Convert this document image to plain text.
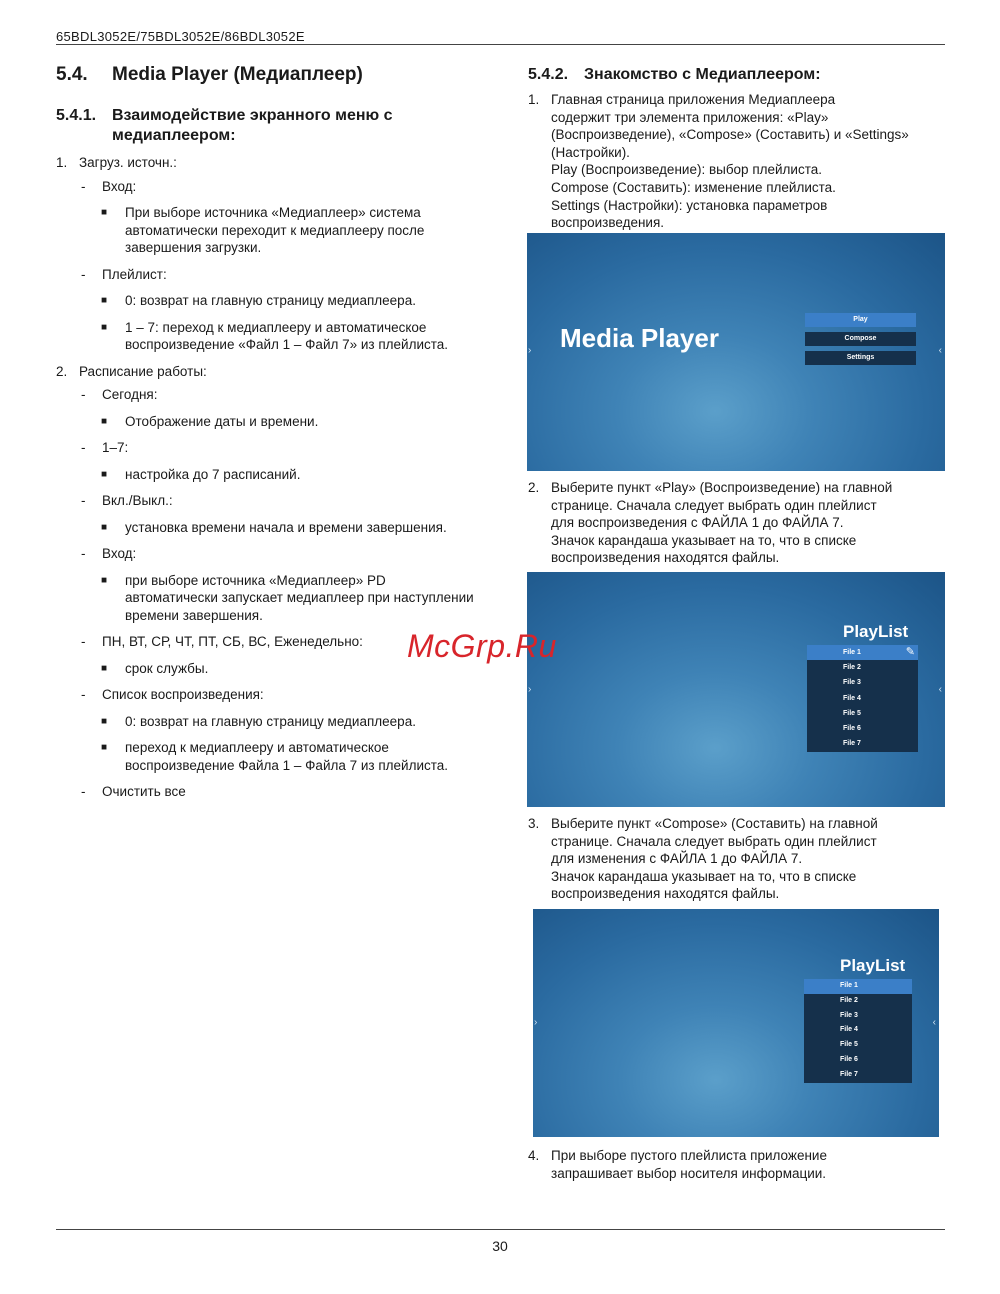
65BDL3052E/75BDL3052E/86BDL3052E
5.4.	Media Player (Медиаплеер)
5.4.1. Взаимодействие экранного меню с
медиаплеером:
1. Загруз. источн.:
-	Вход:
■	При выборе источника «Медиаплеер» система автоматически переходит к медиаплееру после завершения загрузки.
-	Плейлист:
■	0: возврат на главную страницу медиаплеера.
■	1 – 7: переход к медиаплееру и автоматическое воспроизведение «Файл 1 – Файл 7» из плейлиста.
2. Расписание работы:
-	Сегодня:
■	Отображение даты и времени.
-	1–7:
■	настройка до 7 расписаний.
-	Вкл./Выкл.:
■	установка времени начала и времени завершения.
-	Вход:
■	при выборе источника «Медиаплеер» PD автоматически запускает медиаплеер при наступлении времени завершения.
-	ПН, ВТ, СР, ЧТ, ПТ, СБ, ВС, Еженедельно:
■	срок службы.
-	Список воспроизведения:
■	0: возврат на главную страницу медиаплеера.
■	переход к медиаплееру и автоматическое воспроизведение Файла 1 – Файла 7 из плейлиста.
-	Очистить все
5.4.2. Знакомство с Медиаплеером:
1. Главная страница приложения Медиаплеера
содержит три элемента приложения: «Play»
(Воспроизведение), «Compose» (Составить) и «Settings»
(Настройки).
Play (Воспроизведение): выбор плейлиста.
Compose (Составить): изменение плейлиста.
Settings (Настройки): установка параметров
воспроизведения.
›	‹
Media Player
Play
Compose
Settings
2. Выберите пункт «Play» (Воспроизведение) на главной
странице. Сначала следует выбрать один плейлист
для воспроизведения с ФАЙЛА 1 до ФАЙЛА 7.
Значок карандаша указывает на то, что в списке
воспроизведения находятся файлы.
›	‹
PlayList
File 1	✎
File 2
File 3
File 4
File 5
File 6
File 7
3. Выберите пункт «Compose» (Составить) на главной
странице. Сначала следует выбрать один плейлист
для изменения с ФАЙЛА 1 до ФАЙЛА 7.
Значок карандаша указывает на то, что в списке
воспроизведения находятся файлы.
›	‹
PlayList
File 1
File 2
File 3
File 4
File 5
File 6
File 7
4. При выборе пустого плейлиста приложение
запрашивает выбор носителя информации.
McGrp.Ru
30
